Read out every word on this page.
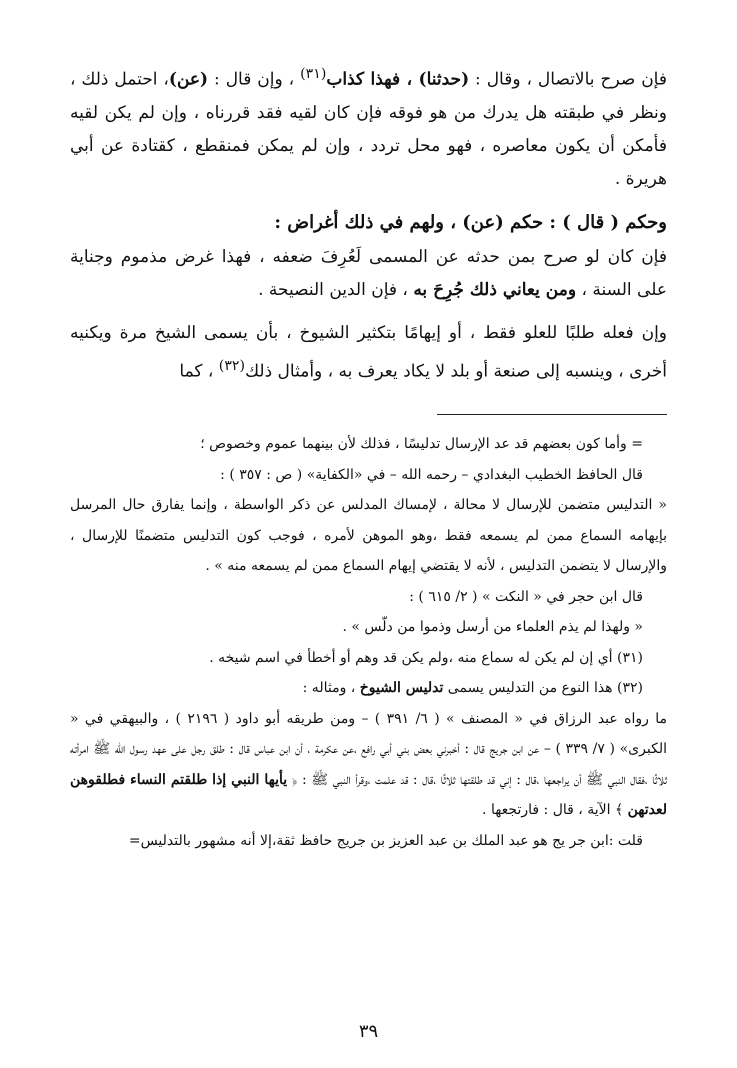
فإن صرح بالاتصال ، وقال : (حدثنا) ، فهذا كذاب$^{(٣١)}$ ، وإن قال : (عن)، احتمل ذلك ، ونظر في طبقته هل يدرك من هو فوقه فإن كان لقيه فقد قررناه ، وإن لم يكن لقيه فأمكن أن يكون معاصره ، فهو محل تردد ، وإن لم يمكن فمنقطع ، كقتادة عن أبي هريرة .

وحكم ( قال ) : حكم (عن) ، ولهم في ذلك أغراض :

فإن كان لو صرح بمن حدثه عن المسمى لَعُرِفَ ضعفه ، فهذا غرض مذموم وجناية على السنة ، ومن يعاني ذلك جُرِحَ به ، فإن الدين النصيحة .

وإن فعله طلبًا للعلو فقط ، أو إيهامًا بتكثير الشيوخ ، بأن يسمى الشيخ مرة ويكنيه أخرى ، وينسبه إلى صنعة أو بلد لا يكاد يعرف به ، وأمثال ذلك$^{(٣٢)}$ ، كما

= وأما كون بعضهم قد عد الإرسال تدليسًا ، فذلك لأن بينهما عموم وخصوص ؛

قال الحافظ الخطيب البغدادي – رحمه الله – في «الكفاية» ( ص : ٣٥٧ ) :

« التدليس متضمن للإرسال لا محالة ، لإمساك المدلس عن ذكر الواسطة ، وإنما يفارق حال المرسل بإيهامه السماع ممن لم يسمعه فقط ،وهو الموهن لأمره ، فوجب كون التدليس متضمنًا للإرسال ، والإرسال لا يتضمن التدليس ، لأنه لا يقتضي إيهام السماع ممن لم يسمعه منه » .

قال ابن حجر في « النكت » ( ٢/ ٦١٥ ) :

« ولهذا لم يذم العلماء من أرسل وذموا من دلّس » .

(٣١) أي إن لم يكن له سماع منه ،ولم يكن قد وهم أو أخطأ في اسم شيخه .

(٣٢) هذا النوع من التدليس يسمى تدليس الشيوخ ، ومثاله :

ما رواه عبد الرزاق في « المصنف » ( ٦/ ٣٩١ ) – ومن طريقه أبو داود ( ٢١٩٦ ) ، والبيهقي في « الكبرى» ( ٧/ ٣٣٩ ) – عن ابن جريج قال : أخبرني بعض بني أبي رافع ،عن عكرمة ، أن ابن عباس قال : طلق رجل على عهد رسول الله ﷺ امرأته ثلاثًا ،فقال النبي ﷺ أن يراجعها ،قال : إني قد طلقتها ثلاثًا ،قال : قد علمت ،وقرأ النبي ﷺ : ﴿ يأيها النبي إذا طلقتم النساء فطلقوهن لعدتهن ﴾ الآية ، قال : فارتجعها .

قلت :ابن جر يج هو عبد الملك بن عبد العزيز بن جريج حافظ ثقة،إلا أنه مشهور بالتدليس=

٣٩
